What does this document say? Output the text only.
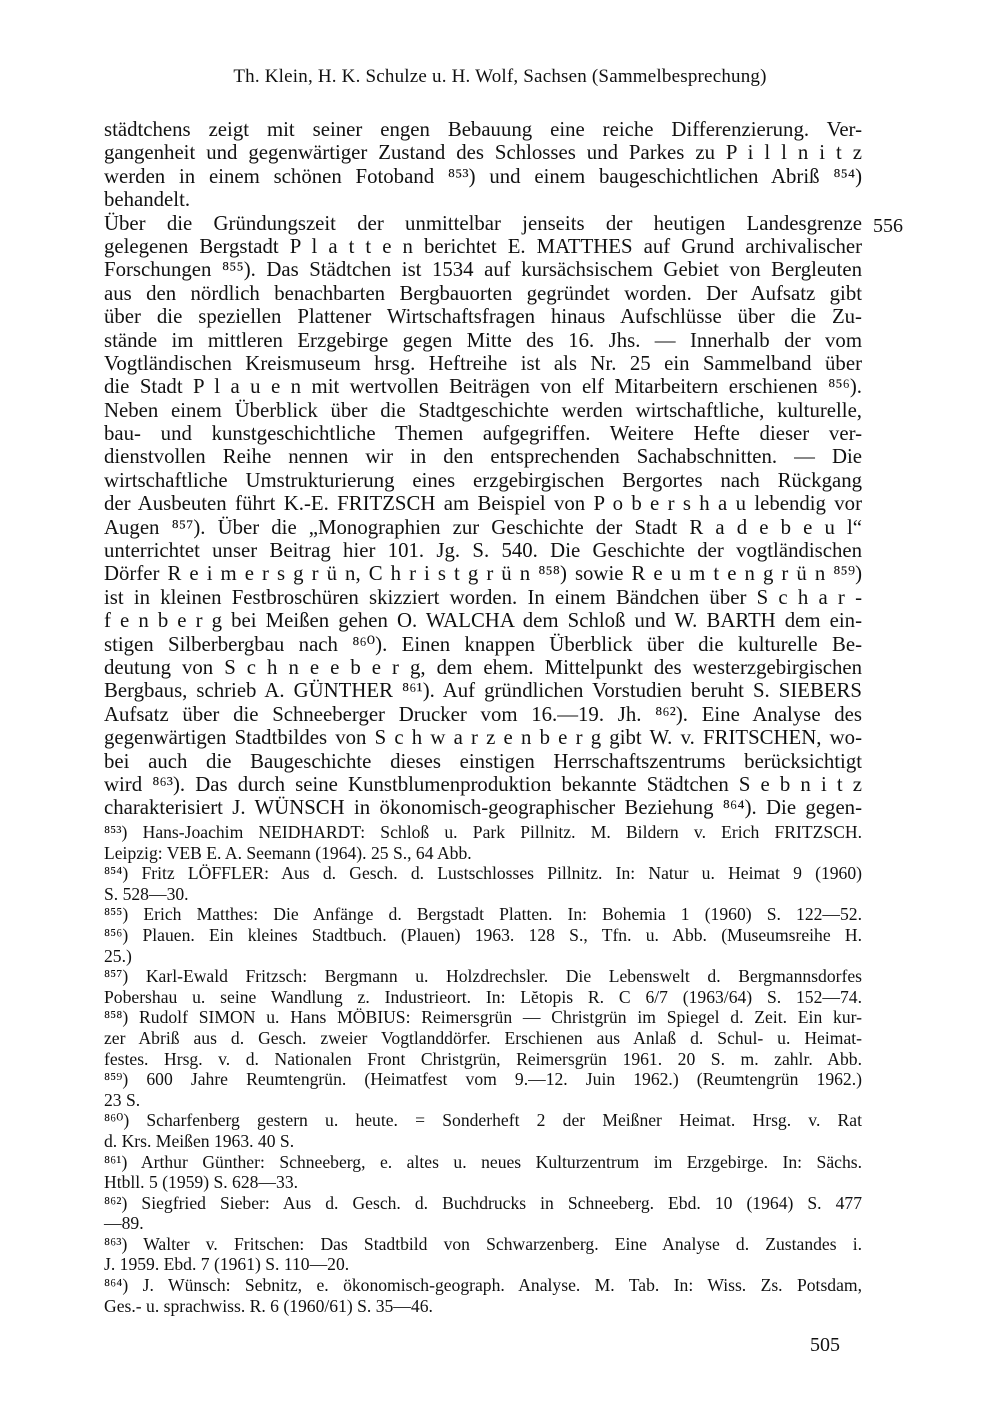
Th. Klein, H. K. Schulze u. H. Wolf, Sachsen (Sammelbesprechung)
556
städtchens zeigt mit seiner engen Bebauung eine reiche Differenzierung. Ver-
gangenheit und gegenwärtiger Zustand des Schlosses und Parkes zu P i l l n i t z
werden in einem schönen Fotoband ⁸⁵³) und einem baugeschichtlichen Abriß ⁸⁵⁴)
behandelt.
Über die Gründungszeit der unmittelbar jenseits der heutigen Landesgrenze
gelegenen Bergstadt P l a t t e n berichtet E. MATTHES auf Grund archivalischer
Forschungen ⁸⁵⁵). Das Städtchen ist 1534 auf kursächsischem Gebiet von Bergleuten
aus den nördlich benachbarten Bergbauorten gegründet worden. Der Aufsatz gibt
über die speziellen Plattener Wirtschaftsfragen hinaus Aufschlüsse über die Zu-
stände im mittleren Erzgebirge gegen Mitte des 16. Jhs. — Innerhalb der vom
Vogtländischen Kreismuseum hrsg. Heftreihe ist als Nr. 25 ein Sammelband über
die Stadt P l a u e n mit wertvollen Beiträgen von elf Mitarbeitern erschienen ⁸⁵⁶).
Neben einem Überblick über die Stadtgeschichte werden wirtschaftliche, kulturelle,
bau- und kunstgeschichtliche Themen aufgegriffen. Weitere Hefte dieser ver-
dienstvollen Reihe nennen wir in den entsprechenden Sachabschnitten. — Die
wirtschaftliche Umstrukturierung eines erzgebirgischen Bergortes nach Rückgang
der Ausbeuten führt K.-E. FRITZSCH am Beispiel von P o b e r s h a u lebendig vor
Augen ⁸⁵⁷). Über die „Monographien zur Geschichte der Stadt R a d e b e u l“
unterrichtet unser Beitrag hier 101. Jg. S. 540. Die Geschichte der vogtländischen
Dörfer R e i m e r s g r ü n, C h r i s t g r ü n ⁸⁵⁸) sowie R e u m t e n g r ü n ⁸⁵⁹)
ist in kleinen Festbroschüren skizziert worden. In einem Bändchen über S c h a r -
f e n b e r g bei Meißen gehen O. WALCHA dem Schloß und W. BARTH dem ein-
stigen Silberbergbau nach ⁸⁶⁰). Einen knappen Überblick über die kulturelle Be-
deutung von S c h n e e b e r g, dem ehem. Mittelpunkt des westerzgebirgischen
Bergbaus, schrieb A. GÜNTHER ⁸⁶¹). Auf gründlichen Vorstudien beruht S. SIEBERS
Aufsatz über die Schneeberger Drucker vom 16.—19. Jh. ⁸⁶²). Eine Analyse des
gegenwärtigen Stadtbildes von S c h w a r z e n b e r g gibt W. v. FRITSCHEN, wo-
bei auch die Baugeschichte dieses einstigen Herrschaftszentrums berücksichtigt
wird ⁸⁶³). Das durch seine Kunstblumenproduktion bekannte Städtchen S e b n i t z
charakterisiert J. WÜNSCH in ökonomisch-geographischer Beziehung ⁸⁶⁴). Die gegen-
⁸⁵³) Hans-Joachim NEIDHARDT: Schloß u. Park Pillnitz. M. Bildern v. Erich FRITZSCH.
Leipzig: VEB E. A. Seemann (1964). 25 S., 64 Abb.
⁸⁵⁴) Fritz LÖFFLER: Aus d. Gesch. d. Lustschlosses Pillnitz. In: Natur u. Heimat 9 (1960)
S. 528—30.
⁸⁵⁵) Erich Matthes: Die Anfänge d. Bergstadt Platten. In: Bohemia 1 (1960) S. 122—52.
⁸⁵⁶) Plauen. Ein kleines Stadtbuch. (Plauen) 1963. 128 S., Tfn. u. Abb. (Museumsreihe H.
25.)
⁸⁵⁷) Karl-Ewald Fritzsch: Bergmann u. Holzdrechsler. Die Lebenswelt d. Bergmannsdorfes
Pobershau u. seine Wandlung z. Industrieort. In: Lĕtopis R. C 6/7 (1963/64) S. 152—74.
⁸⁵⁸) Rudolf SIMON u. Hans MÖBIUS: Reimersgrün — Christgrün im Spiegel d. Zeit. Ein kur-
zer Abriß aus d. Gesch. zweier Vogtlanddörfer. Erschienen aus Anlaß d. Schul- u. Heimat-
festes. Hrsg. v. d. Nationalen Front Christgrün, Reimersgrün 1961. 20 S. m. zahlr. Abb.
⁸⁵⁹) 600 Jahre Reumtengrün. (Heimatfest vom 9.—12. Juin 1962.) (Reumtengrün 1962.)
23 S.
⁸⁶⁰) Scharfenberg gestern u. heute. = Sonderheft 2 der Meißner Heimat. Hrsg. v. Rat
d. Krs. Meißen 1963. 40 S.
⁸⁶¹) Arthur Günther: Schneeberg, e. altes u. neues Kulturzentrum im Erzgebirge. In: Sächs.
Htbll. 5 (1959) S. 628—33.
⁸⁶²) Siegfried Sieber: Aus d. Gesch. d. Buchdrucks in Schneeberg. Ebd. 10 (1964) S. 477
—89.
⁸⁶³) Walter v. Fritschen: Das Stadtbild von Schwarzenberg. Eine Analyse d. Zustandes i.
J. 1959. Ebd. 7 (1961) S. 110—20.
⁸⁶⁴) J. Wünsch: Sebnitz, e. ökonomisch-geograph. Analyse. M. Tab. In: Wiss. Zs. Potsdam,
Ges.- u. sprachwiss. R. 6 (1960/61) S. 35—46.
505
